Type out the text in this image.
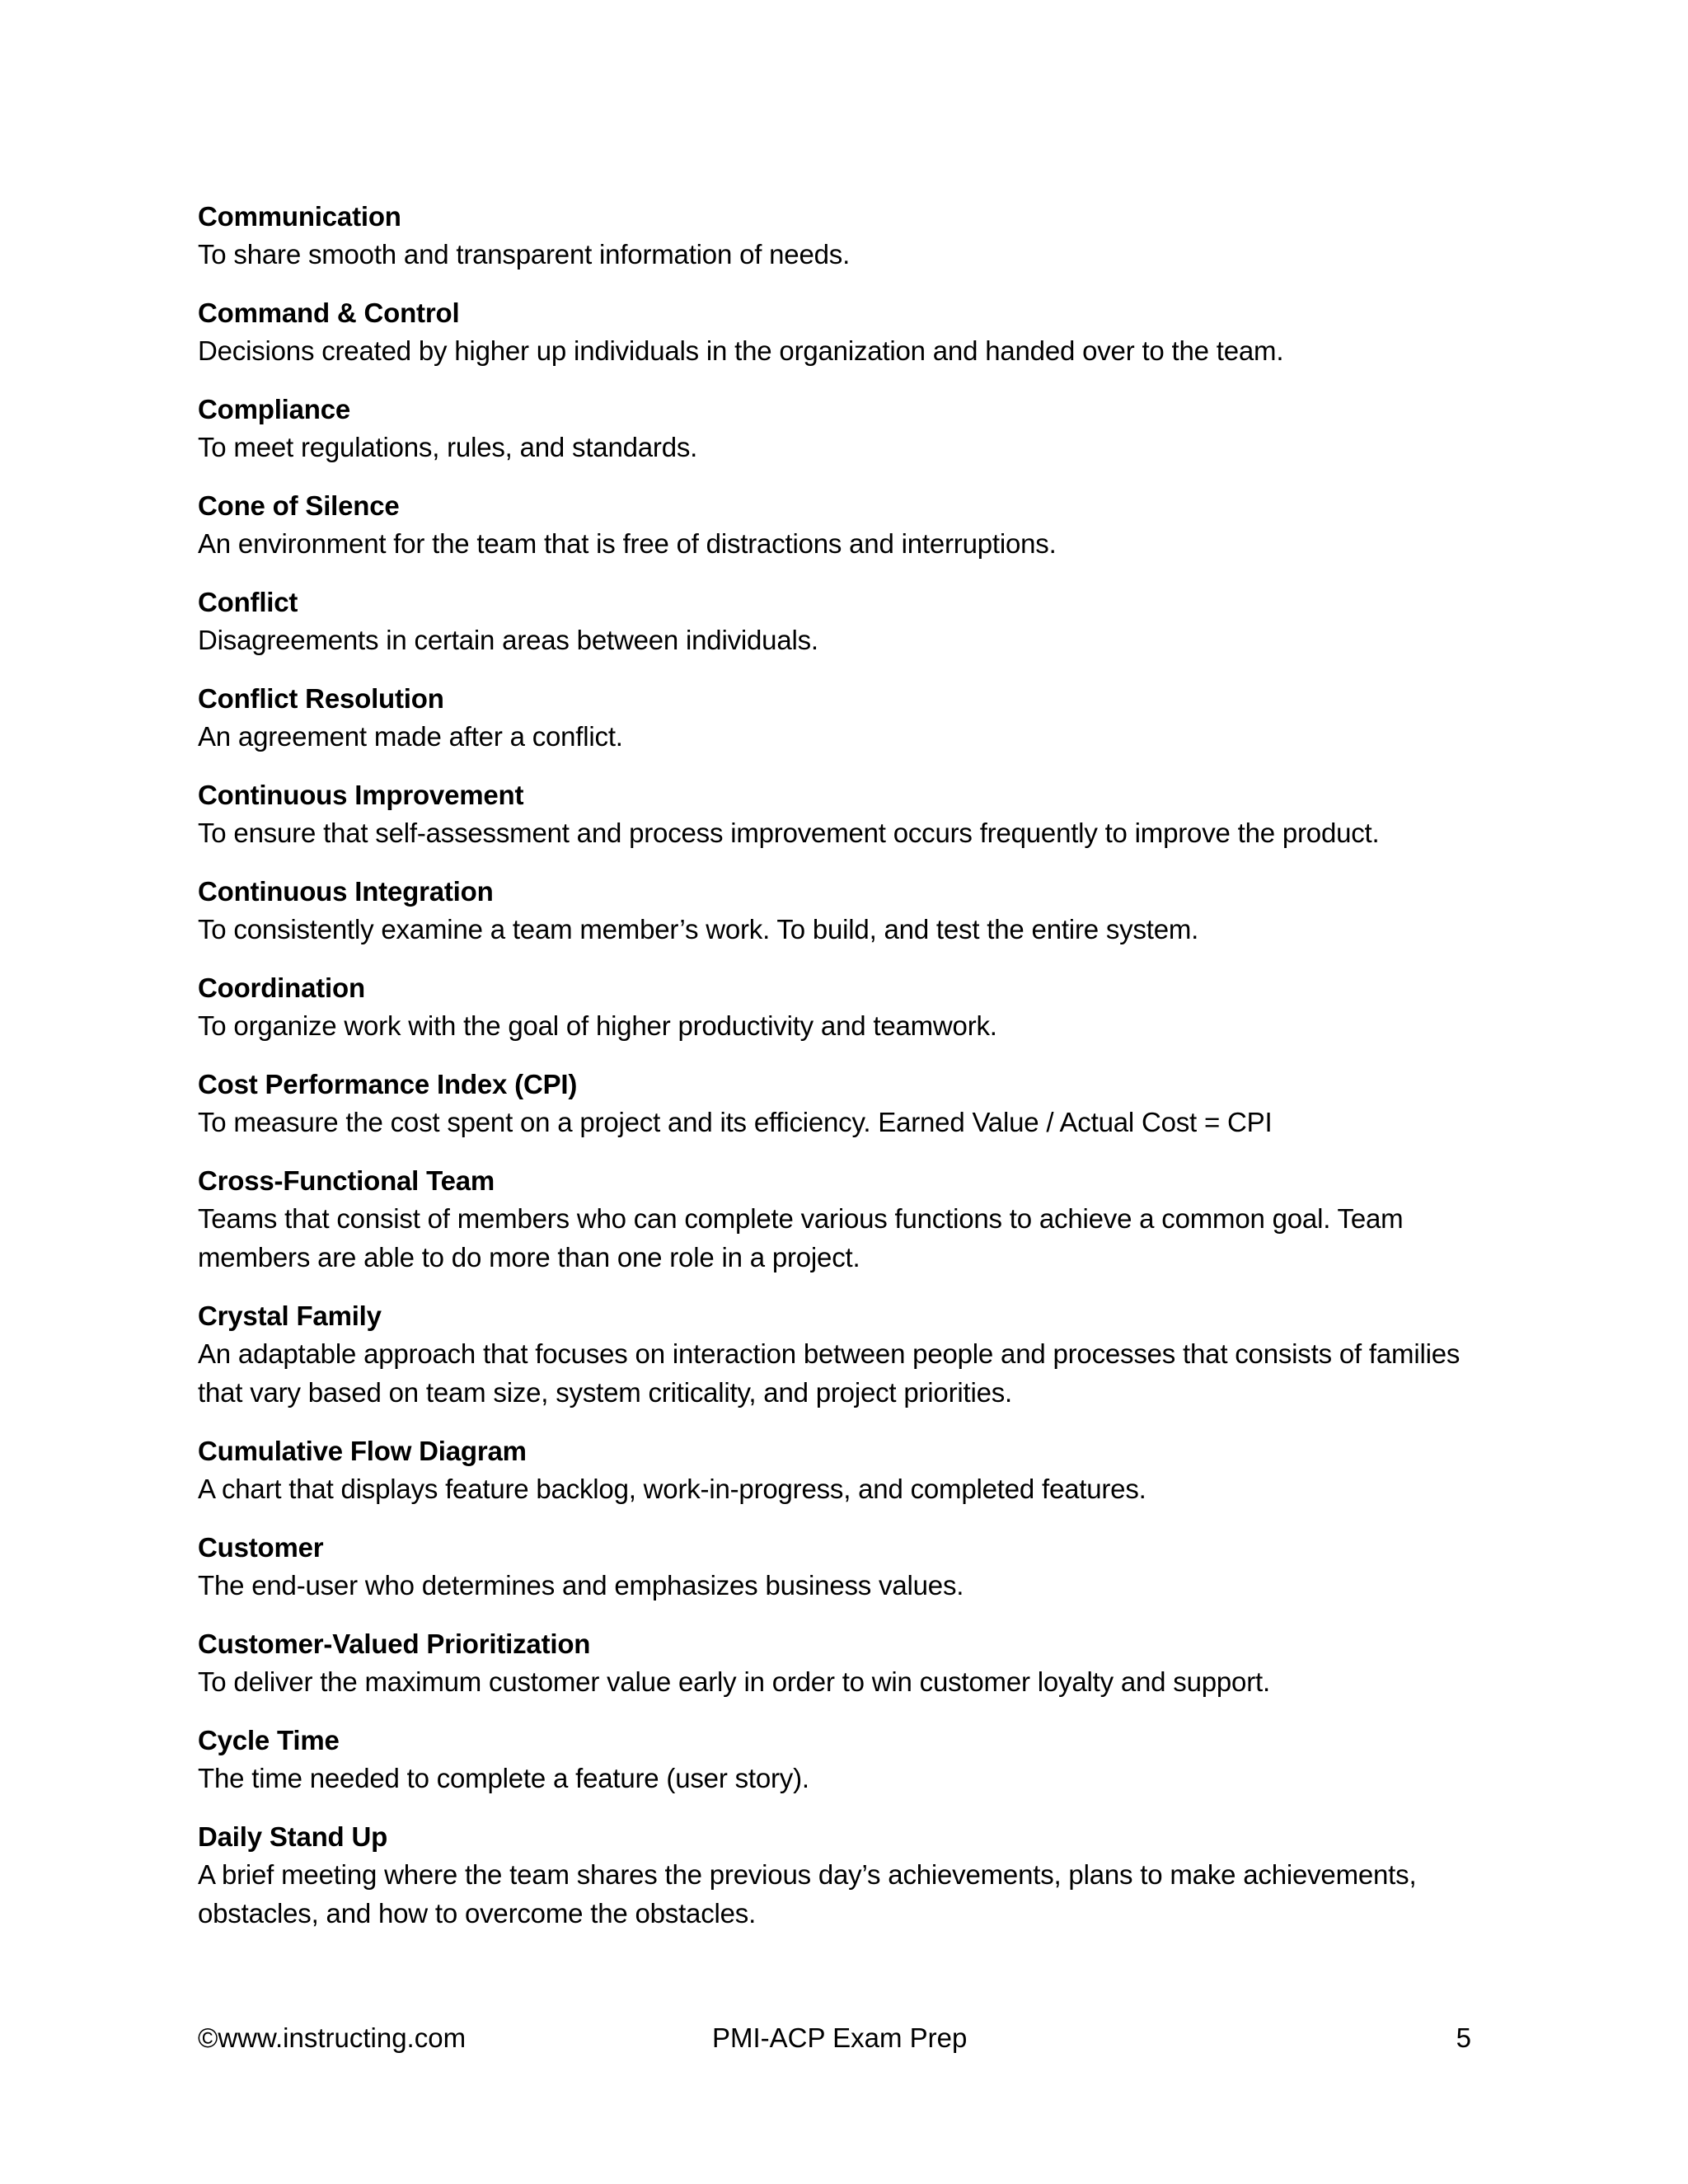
Communication
To share smooth and transparent information of needs.
Command & Control
Decisions created by higher up individuals in the organization and handed over to the team.
Compliance
To meet regulations, rules, and standards.
Cone of Silence
An environment for the team that is free of distractions and interruptions.
Conflict
Disagreements in certain areas between individuals.
Conflict Resolution
An agreement made after a conflict.
Continuous Improvement
To ensure that self-assessment and process improvement occurs frequently to improve the product.
Continuous Integration
To consistently examine a team member’s work. To build, and test the entire system.
Coordination
To organize work with the goal of higher productivity and teamwork.
Cost Performance Index (CPI)
To measure the cost spent on a project and its efficiency. Earned Value / Actual Cost = CPI
Cross-Functional Team
Teams that consist of members who can complete various functions to achieve a common goal. Team members are able to do more than one role in a project.
Crystal Family
An adaptable approach that focuses on interaction between people and processes that consists of families that vary based on team size, system criticality, and project priorities.
Cumulative Flow Diagram
A chart that displays feature backlog, work-in-progress, and completed features.
Customer
The end-user who determines and emphasizes business values.
Customer-Valued Prioritization
To deliver the maximum customer value early in order to win customer loyalty and support.
Cycle Time
The time needed to complete a feature (user story).
Daily Stand Up
A brief meeting where the team shares the previous day’s achievements, plans to make achievements, obstacles, and how to overcome the obstacles.
©www.instructing.com	PMI-ACP Exam Prep	5
